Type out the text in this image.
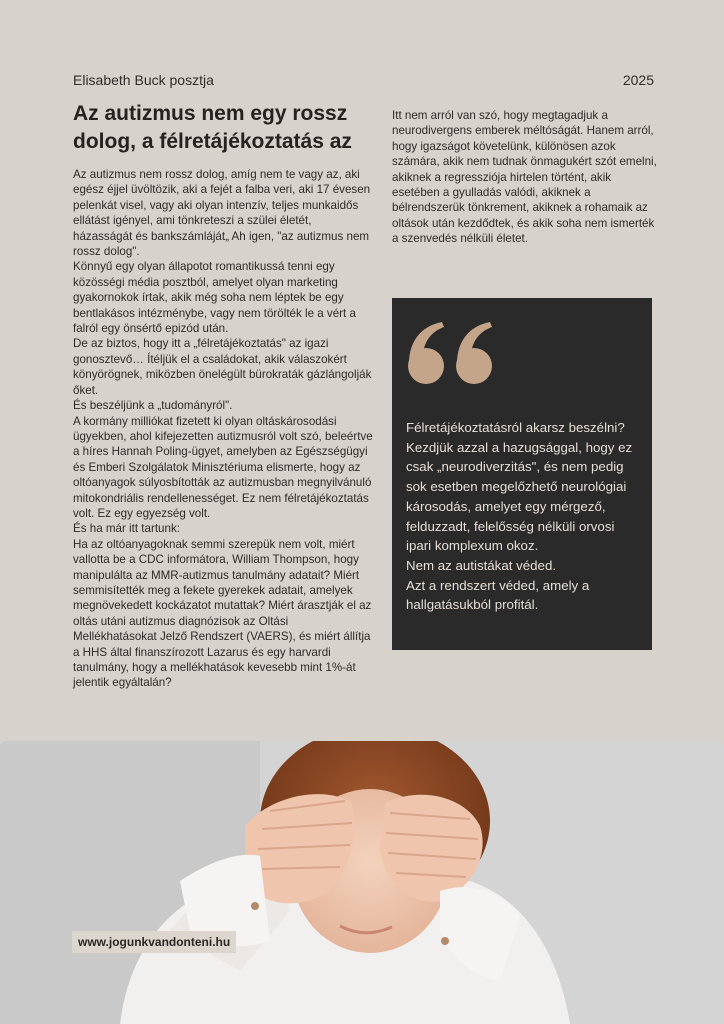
Elisabeth Buck posztja	2025
Az autizmus nem egy rossz dolog, a félretájékoztatás az

Az autizmus nem rossz dolog, amíg nem te vagy az, aki egész éjjel üvöltözik, aki a fejét a falba veri, aki 17 évesen pelenkát visel, vagy aki olyan intenzív, teljes munkaidős ellátást igényel, ami tönkreteszi a szülei életét, házasságát és bankszámláját„ Ah igen, "az autizmus nem rossz dolog".

Könnyű egy olyan állapotot romantikussá tenni egy közösségi média posztból, amelyet olyan marketing gyakornokok írtak, akik még soha nem léptek be egy bentlakásos intézménybe, vagy nem törölték le a vért a falról egy önsértő epizód után.

De az biztos, hogy itt a „félretájékoztatás" az igazi gonosztevő… Ítéljük el a családokat, akik válaszokért könyörögnek, miközben önelégült bürokraták gázlángolják őket.

És beszéljünk a „tudományról".

A kormány milliókat fizetett ki olyan oltáskárosodási ügyekben, ahol kifejezetten autizmusról volt szó, beleértve a híres Hannah Poling-ügyet, amelyben az Egészségügyi és Emberi Szolgálatok Minisztériuma elismerte, hogy az oltóanyagok súlyosbították az autizmusban megnyilvánuló mitokondriális rendellenességet. Ez nem félretájékoztatás volt. Ez egy egyezség volt.

És ha már itt tartunk:

Ha az oltóanyagoknak semmi szerepük nem volt, miért vallotta be a CDC informátora, William Thompson, hogy manipulálta az MMR-autizmus tanulmány adatait? Miért semmisítették meg a fekete gyerekek adatait, amelyek megnövekedett kockázatot mutattak? Miért árasztják el az oltás utáni autizmus diagnózisok az Oltási Mellékhatásokat Jelző Rendszert (VAERS), és miért állítja a HHS által finanszírozott Lazarus és egy harvardi tanulmány, hogy a mellékhatások kevesebb mint 1%-át jelentik egyáltalán?

Itt nem arról van szó, hogy megtagadjuk a neurodivergens emberek méltóságát. Hanem arról, hogy igazságot követelünk, különösen azok számára, akik nem tudnak önmagukért szót emelni, akiknek a regressziója hirtelen történt, akik esetében a gyulladás valódi, akiknek a bélrendszerük tönkrement, akiknek a rohamaik az oltások után kezdődtek, és akik soha nem ismerték a szenvedés nélküli életet.

Félretájékoztatásról akarsz beszélni?

Kezdjük azzal a hazugsággal, hogy ez csak „neurodiverzitás", és nem pedig sok esetben megelőzhető neurológiai károsodás, amelyet egy mérgező, felduzzadt, felelősség nélküli orvosi ipari komplexum okoz.

Nem az autistákat véded.

Azt a rendszert véded, amely a hallgatásukból profitál.

www.jogunkvandonteni.hu
